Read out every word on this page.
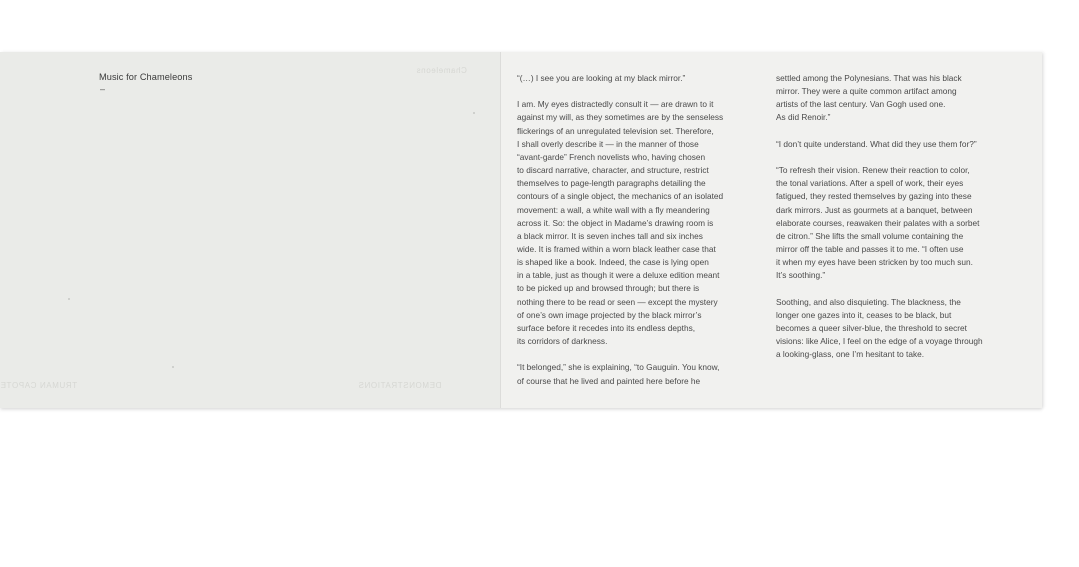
Music for Chameleons
–
Chameleons
DEMONSTRATIONS
TRUMAN CAPOTE
“(…) I see you are looking at my black mirror.”
I am. My eyes distractedly consult it — are drawn to it
against my will, as they sometimes are by the senseless
flickerings of an unregulated television set. Therefore,
I shall overly describe it — in the manner of those
“avant-garde” French novelists who, having chosen
to discard narrative, character, and structure, restrict
themselves to page-length paragraphs detailing the
contours of a single object, the mechanics of an isolated
movement: a wall, a white wall with a fly meandering
across it. So: the object in Madame’s drawing room is
a black mirror. It is seven inches tall and six inches
wide. It is framed within a worn black leather case that
is shaped like a book. Indeed, the case is lying open
in a table, just as though it were a deluxe edition meant
to be picked up and browsed through; but there is
nothing there to be read or seen — except the mystery
of one’s own image projected by the black mirror’s
surface before it recedes into its endless depths,
its corridors of darkness.
“It belonged,” she is explaining, “to Gauguin. You know,
of course that he lived and painted here before he
settled among the Polynesians. That was his black
mirror. They were a quite common artifact among
artists of the last century. Van Gogh used one.
As did Renoir.”
“I don’t quite understand. What did they use them for?”
“To refresh their vision. Renew their reaction to color,
the tonal variations. After a spell of work, their eyes
fatigued, they rested themselves by gazing into these
dark mirrors. Just as gourmets at a banquet, between
elaborate courses, reawaken their palates with a sorbet
de citron.” She lifts the small volume containing the
mirror off the table and passes it to me. “I often use
it when my eyes have been stricken by too much sun.
It’s soothing.”
Soothing, and also disquieting. The blackness, the
longer one gazes into it, ceases to be black, but
becomes a queer silver-blue, the threshold to secret
visions: like Alice, I feel on the edge of a voyage through
a looking-glass, one I’m hesitant to take.
